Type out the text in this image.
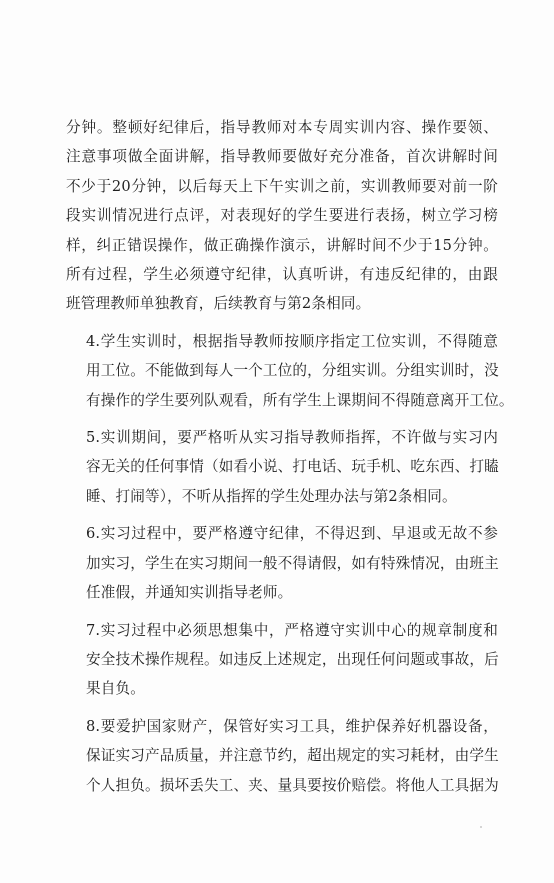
分钟。整顿好纪律后，指导教师对本专周实训内容、操作要领、
注意事项做全面讲解，指导教师要做好充分准备，首次讲解时间
不少于20分钟，以后每天上下午实训之前，实训教师要对前一阶
段实训情况进行点评，对表现好的学生要进行表扬，树立学习榜
样，纠正错误操作，做正确操作演示，讲解时间不少于15分钟。
所有过程，学生必须遵守纪律，认真听讲，有违反纪律的，由跟
班管理教师单独教育，后续教育与第2条相同。

4.学生实训时，根据指导教师按顺序指定工位实训，不得随意
用工位。不能做到每人一个工位的，分组实训。分组实训时，没
有操作的学生要列队观看，所有学生上课期间不得随意离开工位。

5.实训期间，要严格听从实习指导教师指挥，不许做与实习内
容无关的任何事情（如看小说、打电话、玩手机、吃东西、打瞌
睡、打闹等），不听从指挥的学生处理办法与第2条相同。

6.实习过程中，要严格遵守纪律，不得迟到、早退或无故不参
加实习，学生在实习期间一般不得请假，如有特殊情况，由班主
任准假，并通知实训指导老师。

7.实习过程中必须思想集中，严格遵守实训中心的规章制度和
安全技术操作规程。如违反上述规定，出现任何问题或事故，后
果自负。

8.要爱护国家财产，保管好实习工具，维护保养好机器设备，
保证实习产品质量，并注意节约，超出规定的实习耗材，由学生
个人担负。损坏丢失工、夹、量具要按价赔偿。将他人工具据为
